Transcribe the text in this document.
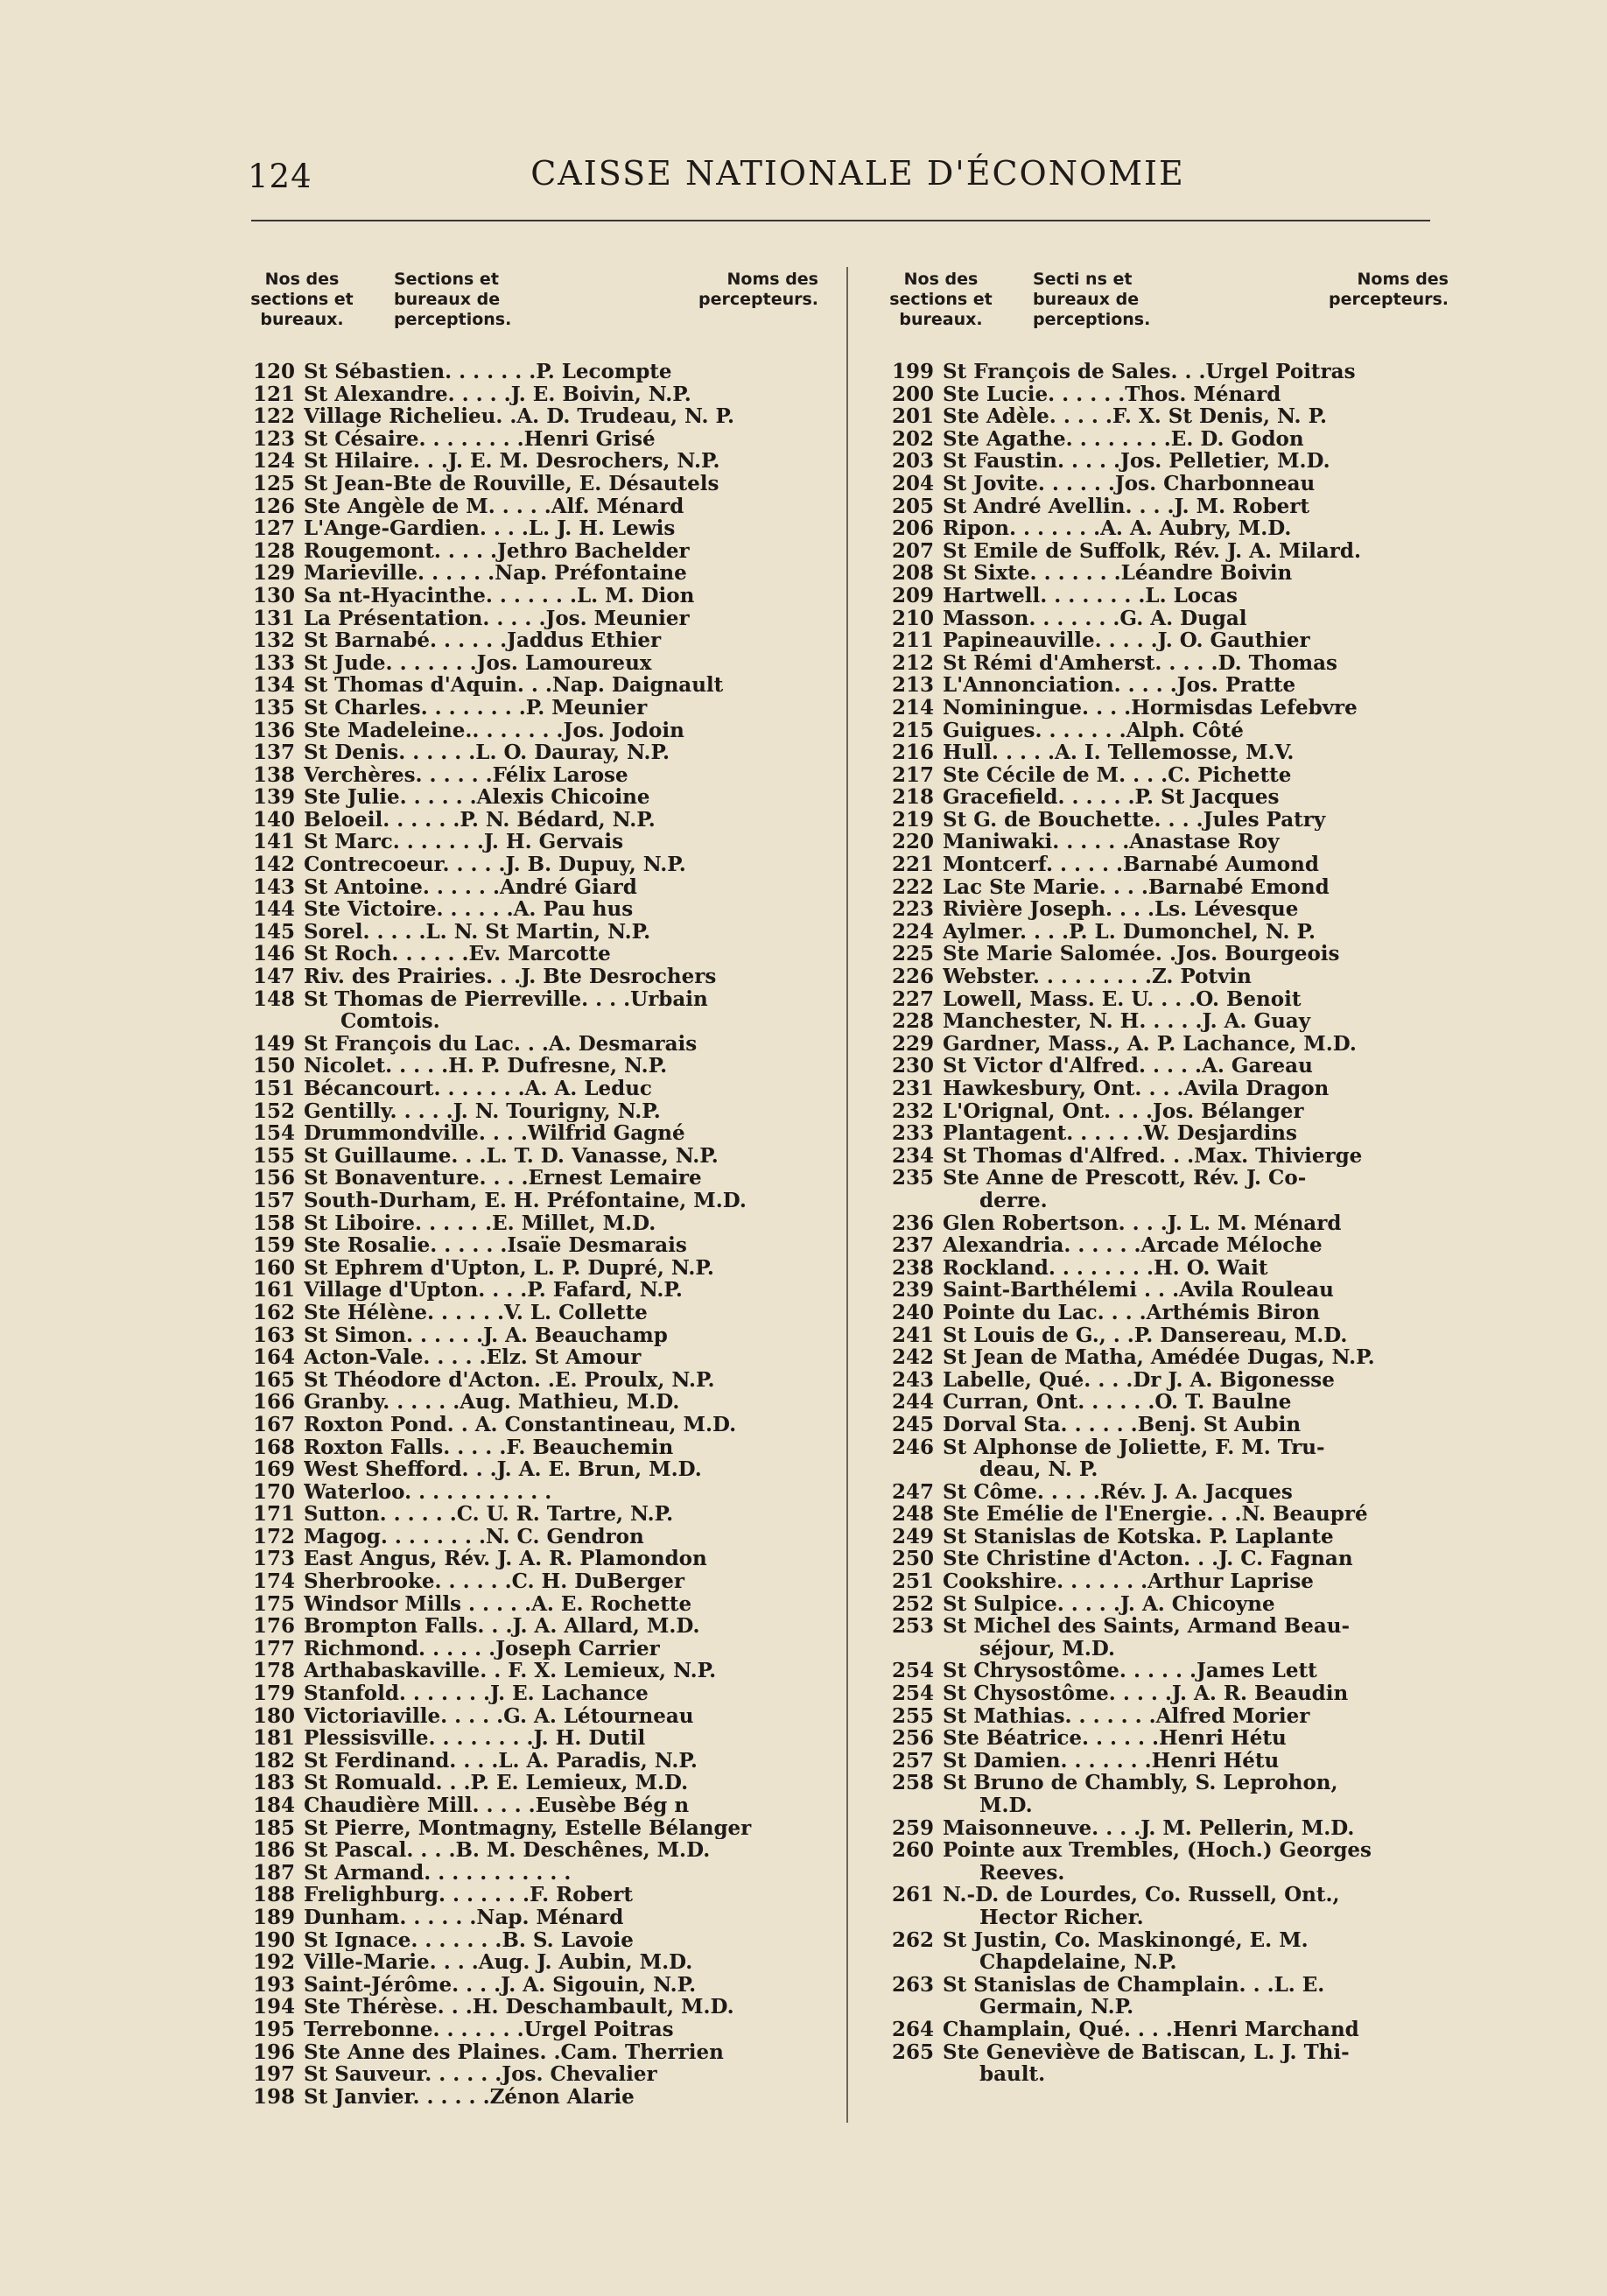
124	CAISSE NATIONALE D'ÉCONOMIE
Nos des sections et bureaux.
Sections et bureaux de perceptions.
Noms des percepteurs.
120 St Sébastien. . . . . . .P. Lecompte
121 St Alexandre. . . . .J. E. Boivin, N.P.
122 Village Richelieu. .A. D. Trudeau, N. P.
123 St Césaire. . . . . . . .Henri Grisé
124 St Hilaire. . .J. E. M. Desrochers, N.P.
125 St Jean-Bte de Rouville, E. Désautels
126 Ste Angèle de M. . . . .Alf. Ménard
127 L'Ange-Gardien. . . .L. J. H. Lewis
128 Rougemont. . . . .Jethro Bachelder
129 Marieville. . . . . .Nap. Préfontaine
130 Sa nt-Hyacinthe. . . . . . .L. M. Dion
131 La Présentation. . . . .Jos. Meunier
132 St Barnabé. . . . . .Jaddus Ethier
133 St Jude. . . . . . .Jos. Lamoureux
134 St Thomas d'Aquin. . .Nap. Daignault
135 St Charles. . . . . . . .P. Meunier
136 Ste Madeleine.. . . . . . .Jos. Jodoin
137 St Denis. . . . . .L. O. Dauray, N.P.
138 Verchères. . . . . .Félix Larose
139 Ste Julie. . . . . .Alexis Chicoine
140 Beloeil. . . . . .P. N. Bédard, N.P.
141 St Marc. . . . . . .J. H. Gervais
142 Contrecoeur. . . . .J. B. Dupuy, N.P.
143 St Antoine. . . . . .André Giard
144 Ste Victoire. . . . . .A. Pau hus
145 Sorel. . . . .L. N. St Martin, N.P.
146 St Roch. . . . . .Ev. Marcotte
147 Riv. des Prairies. . .J. Bte Desrochers
148 St Thomas de Pierreville. . . .Urbain
Comtois.
149 St François du Lac. . .A. Desmarais
150 Nicolet. . . . .H. P. Dufresne, N.P.
151 Bécancourt. . . . . . .A. A. Leduc
152 Gentilly. . . . .J. N. Tourigny, N.P.
154 Drummondville. . . .Wilfrid Gagné
155 St Guillaume. . .L. T. D. Vanasse, N.P.
156 St Bonaventure. . . .Ernest Lemaire
157 South-Durham, E. H. Préfontaine, M.D.
158 St Liboire. . . . . .E. Millet, M.D.
159 Ste Rosalie. . . . . .Isaïe Desmarais
160 St Ephrem d'Upton, L. P. Dupré, N.P.
161 Village d'Upton. . . .P. Fafard, N.P.
162 Ste Hélène. . . . . .V. L. Collette
163 St Simon. . . . . .J. A. Beauchamp
164 Acton-Vale. . . . .Elz. St Amour
165 St Théodore d'Acton. .E. Proulx, N.P.
166 Granby. . . . . .Aug. Mathieu, M.D.
167 Roxton Pond. . A. Constantineau, M.D.
168 Roxton Falls. . . . .F. Beauchemin
169 West Shefford. . .J. A. E. Brun, M.D.
170 Waterloo. . . . . . . . . . .
171 Sutton. . . . . .C. U. R. Tartre, N.P.
172 Magog. . . . . . . .N. C. Gendron
173 East Angus, Rév. J. A. R. Plamondon
174 Sherbrooke. . . . . .C. H. DuBerger
175 Windsor Mills . . . . .A. E. Rochette
176 Brompton Falls. . .J. A. Allard, M.D.
177 Richmond. . . . . .Joseph Carrier
178 Arthabaskaville. . F. X. Lemieux, N.P.
179 Stanfold. . . . . . .J. E. Lachance
180 Victoriaville. . . . .G. A. Létourneau
181 Plessisville. . . . . . . .J. H. Dutil
182 St Ferdinand. . . .L. A. Paradis, N.P.
183 St Romuald. . .P. E. Lemieux, M.D.
184 Chaudière Mill. . . . .Eusèbe Bég n
185 St Pierre, Montmagny, Estelle Bélanger
186 St Pascal. . . .B. M. Deschênes, M.D.
187 St Armand. . . . . . . . . . .
188 Frelighburg. . . . . . .F. Robert
189 Dunham. . . . . .Nap. Ménard
190 St Ignace. . . . . . .B. S. Lavoie
192 Ville-Marie. . . .Aug. J. Aubin, M.D.
193 Saint-Jérôme. . . .J. A. Sigouin, N.P.
194 Ste Thérèse. . .H. Deschambault, M.D.
195 Terrebonne. . . . . . .Urgel Poitras
196 Ste Anne des Plaines. .Cam. Therrien
197 St Sauveur. . . . . .Jos. Chevalier
198 St Janvier. . . . . .Zénon Alarie
Nos des sections et bureaux.
Secti ns et bureaux de perceptions.
Noms des percepteurs.
199 St François de Sales. . .Urgel Poitras
200 Ste Lucie. . . . . .Thos. Ménard
201 Ste Adèle. . . . .F. X. St Denis, N. P.
202 Ste Agathe. . . . . . . .E. D. Godon
203 St Faustin. . . . .Jos. Pelletier, M.D.
204 St Jovite. . . . . .Jos. Charbonneau
205 St André Avellin. . . .J. M. Robert
206 Ripon. . . . . . .A. A. Aubry, M.D.
207 St Emile de Suffolk, Rév. J. A. Milard.
208 St Sixte. . . . . . .Léandre Boivin
209 Hartwell. . . . . . . .L. Locas
210 Masson. . . . . . .G. A. Dugal
211 Papineauville. . . . .J. O. Gauthier
212 St Rémi d'Amherst. . . . .D. Thomas
213 L'Annonciation. . . . .Jos. Pratte
214 Nominingue. . . .Hormisdas Lefebvre
215 Guigues. . . . . . .Alph. Côté
216 Hull. . . . .A. I. Tellemosse, M.V.
217 Ste Cécile de M. . . .C. Pichette
218 Gracefield. . . . . .P. St Jacques
219 St G. de Bouchette. . . .Jules Patry
220 Maniwaki. . . . . .Anastase Roy
221 Montcerf. . . . . .Barnabé Aumond
222 Lac Ste Marie. . . .Barnabé Emond
223 Rivière Joseph. . . .Ls. Lévesque
224 Aylmer. . . .P. L. Dumonchel, N. P.
225 Ste Marie Salomée. .Jos. Bourgeois
226 Webster. . . . . . . . .Z. Potvin
227 Lowell, Mass. E. U. . . .O. Benoit
228 Manchester, N. H. . . . .J. A. Guay
229 Gardner, Mass., A. P. Lachance, M.D.
230 St Victor d'Alfred. . . . .A. Gareau
231 Hawkesbury, Ont. . . .Avila Dragon
232 L'Orignal, Ont. . . .Jos. Bélanger
233 Plantagent. . . . . .W. Desjardins
234 St Thomas d'Alfred. . .Max. Thivierge
235 Ste Anne de Prescott, Rév. J. Co-
derre.
236 Glen Robertson. . . .J. L. M. Ménard
237 Alexandria. . . . . .Arcade Méloche
238 Rockland. . . . . . . .H. O. Wait
239 Saint-Barthélemi . . .Avila Rouleau
240 Pointe du Lac. . . .Arthémis Biron
241 St Louis de G., . .P. Dansereau, M.D.
242 St Jean de Matha, Amédée Dugas, N.P.
243 Labelle, Qué. . . .Dr J. A. Bigonesse
244 Curran, Ont. . . . . .O. T. Baulne
245 Dorval Sta. . . . . .Benj. St Aubin
246 St Alphonse de Joliette, F. M. Tru-
deau, N. P.
247 St Côme. . . . .Rév. J. A. Jacques
248 Ste Emélie de l'Energie. . .N. Beaupré
249 St Stanislas de Kotska. P. Laplante
250 Ste Christine d'Acton. . .J. C. Fagnan
251 Cookshire. . . . . . .Arthur Laprise
252 St Sulpice. . . . .J. A. Chicoyne
253 St Michel des Saints, Armand Beau-
séjour, M.D.
254 St Chrysostôme. . . . . .James Lett
254 St Chysostôme. . . . .J. A. R. Beaudin
255 St Mathias. . . . . . .Alfred Morier
256 Ste Béatrice. . . . . .Henri Hétu
257 St Damien. . . . . . .Henri Hétu
258 St Bruno de Chambly, S. Leprohon,
M.D.
259 Maisonneuve. . . .J. M. Pellerin, M.D.
260 Pointe aux Trembles, (Hoch.) Georges
Reeves.
261 N.-D. de Lourdes, Co. Russell, Ont.,
Hector Richer.
262 St Justin, Co. Maskinongé, E. M.
Chapdelaine, N.P.
263 St Stanislas de Champlain. . .L. E.
Germain, N.P.
264 Champlain, Qué. . . .Henri Marchand
265 Ste Geneviève de Batiscan, L. J. Thi-
bault.
